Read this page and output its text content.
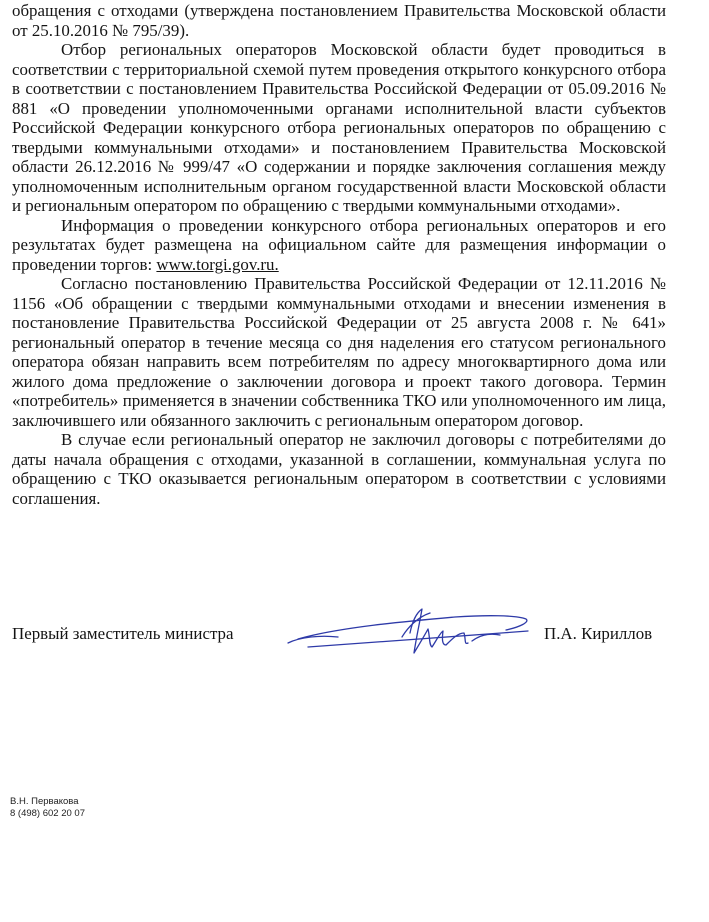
обращения с отходами (утверждена постановлением Правительства Московской области от 25.10.2016 № 795/39).

Отбор региональных операторов Московской области будет проводиться в соответствии с территориальной схемой путем проведения открытого конкурсного отбора в соответствии с постановлением Правительства Российской Федерации от 05.09.2016 № 881 «О проведении уполномоченными органами исполнительной власти субъектов Российской Федерации конкурсного отбора региональных операторов по обращению с твердыми коммунальными отходами» и постановлением Правительства Московской области 26.12.2016 № 999/47 «О содержании и порядке заключения соглашения между уполномоченным исполнительным органом государственной власти Московской области и региональным оператором по обращению с твердыми коммунальными отходами».

Информация о проведении конкурсного отбора региональных операторов и его результатах будет размещена на официальном сайте для размещения информации о проведении торгов: www.torgi.gov.ru.

Согласно постановлению Правительства Российской Федерации от 12.11.2016 № 1156 «Об обращении с твердыми коммунальными отходами и внесении изменения в постановление Правительства Российской Федерации от 25 августа 2008 г. № 641» региональный оператор в течение месяца со дня наделения его статусом регионального оператора обязан направить всем потребителям по адресу многоквартирного дома или жилого дома предложение о заключении договора и проект такого договора. Термин «потребитель» применяется в значении собственника ТКО или уполномоченного им лица, заключившего или обязанного заключить с региональным оператором договор.

В случае если региональный оператор не заключил договоры с потребителями до даты начала обращения с отходами, указанной в соглашении, коммунальная услуга по обращению с ТКО оказывается региональным оператором в соответствии с условиями соглашения.

Первый заместитель министра	П.А. Кириллов
В.Н. Первакова
8 (498) 602 20 07
